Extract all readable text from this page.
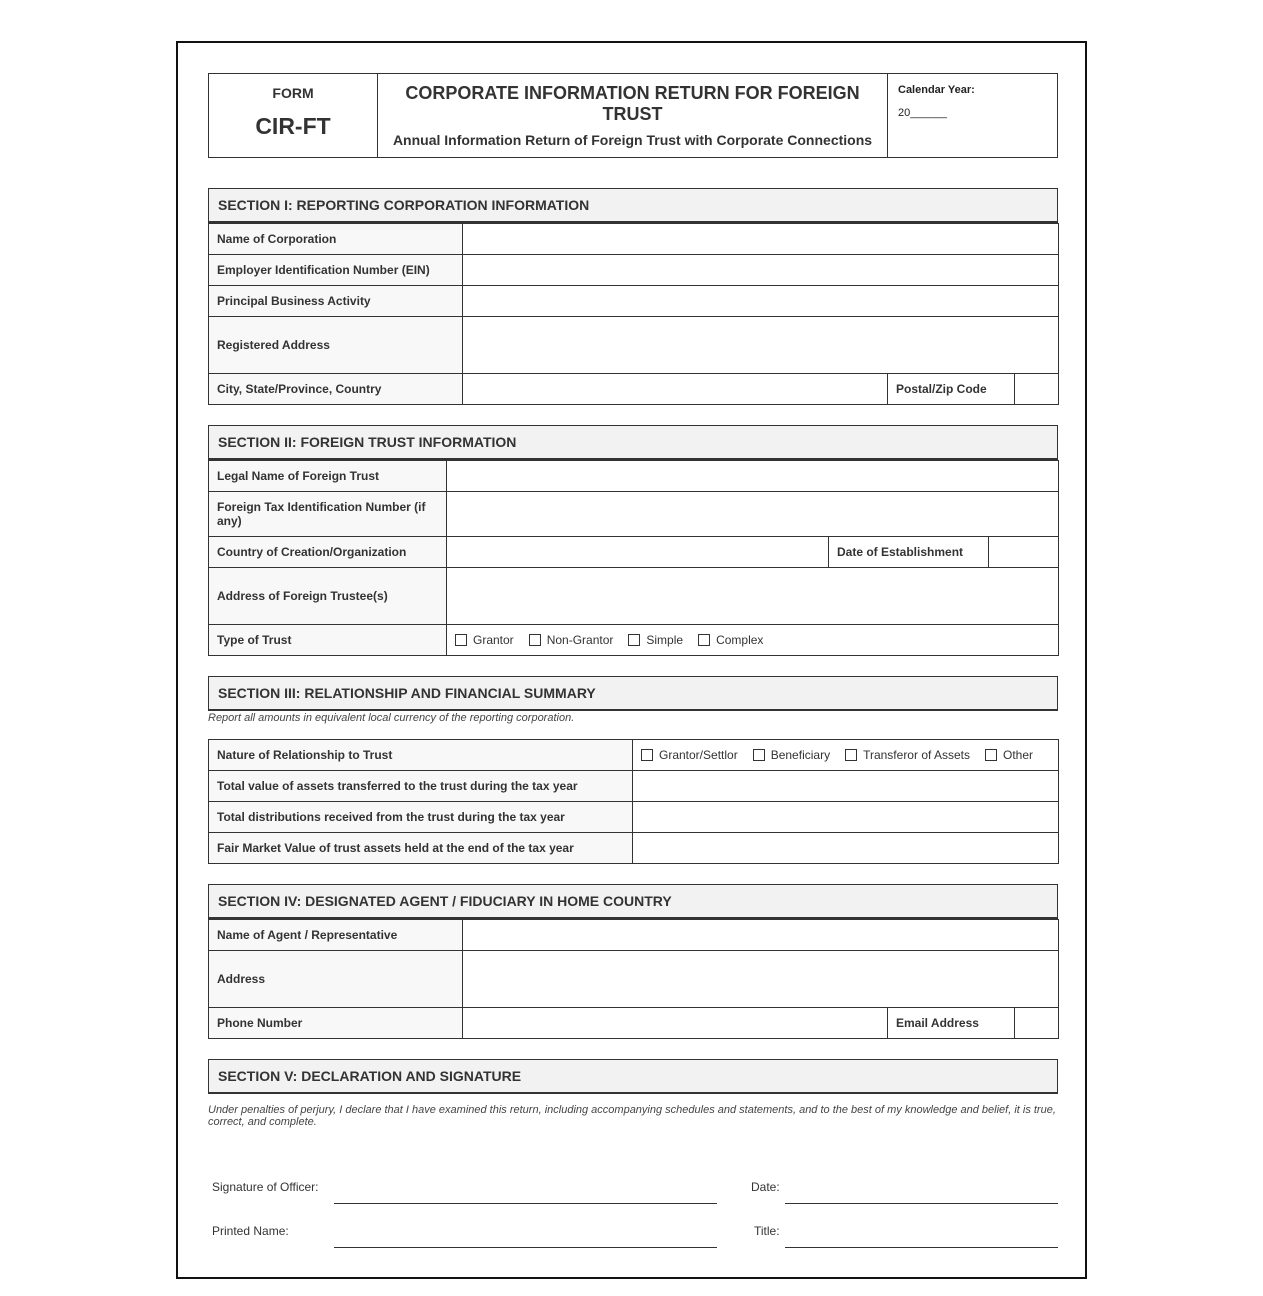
FORM
CIR-FT
CORPORATE INFORMATION RETURN FOR FOREIGN TRUST
Annual Information Return of Foreign Trust with Corporate Connections
Calendar Year:
20______
SECTION I: REPORTING CORPORATION INFORMATION
Name of Corporation			
Employer Identification Number (EIN)			
Principal Business Activity			
Registered Address			
City, State/Province, Country		Postal/Zip Code	
SECTION II: FOREIGN TRUST INFORMATION
Legal Name of Foreign Trust			
Foreign Tax Identification Number (if any)			
Country of Creation/Organization		Date of Establishment	
Address of Foreign Trustee(s)			
Type of Trust	Grantor Non-Grantor Simple Complex		
SECTION III: RELATIONSHIP AND FINANCIAL SUMMARY
Report all amounts in equivalent local currency of the reporting corporation.
Nature of Relationship to Trust	Grantor/Settlor Beneficiary Transferor of Assets Other

Total value of assets transferred to the trust during the tax year	
Total distributions received from the trust during the tax year	
Fair Market Value of trust assets held at the end of the tax year	
SECTION IV: DESIGNATED AGENT / FIDUCIARY IN HOME COUNTRY
Name of Agent / Representative			
Address			
Phone Number		Email Address	
SECTION V: DECLARATION AND SIGNATURE
Under penalties of perjury, I declare that I have examined this return, including accompanying schedules and statements, and to the best of my knowledge and belief, it is true, correct, and complete.
Signature of Officer:	Date:
Printed Name:	Title:
